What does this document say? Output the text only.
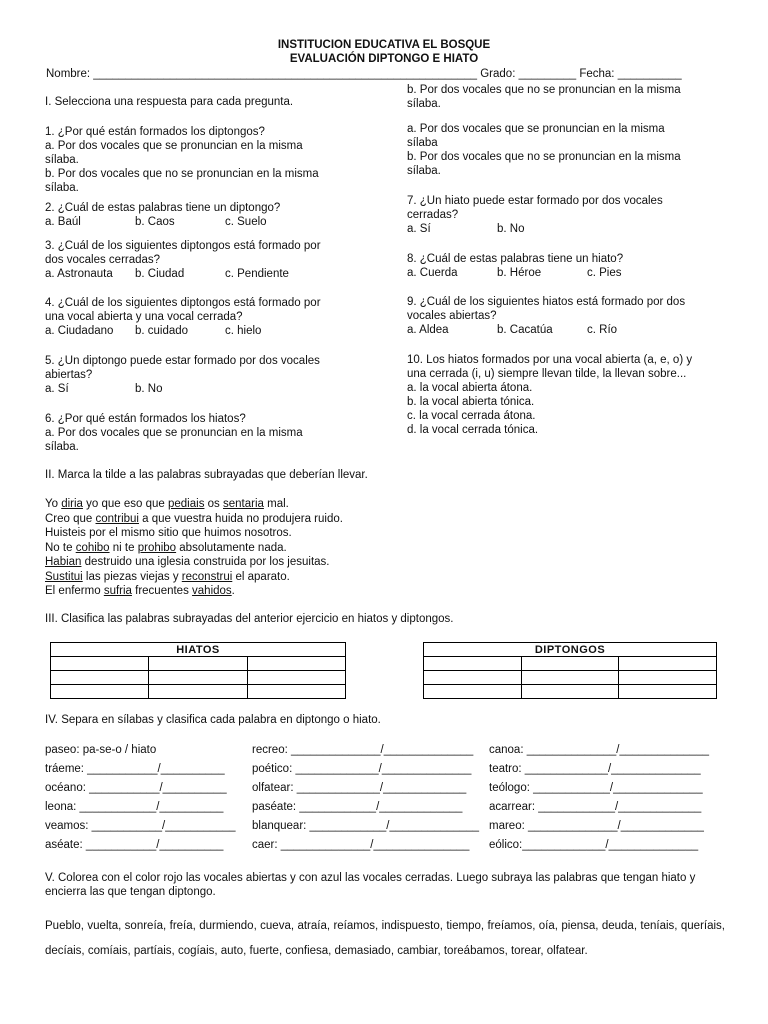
INSTITUCION EDUCATIVA EL BOSQUE
EVALUACIÓN DIPTONGO E HIATO
Nombre: ____________________________________________________________ Grado: _________ Fecha: __________
I. Selecciona una respuesta para cada pregunta.
1. ¿Por qué están formados los diptongos?
a. Por dos vocales que se pronuncian en la misma
sílaba.
b. Por dos vocales que no se pronuncian en la misma
sílaba.
2. ¿Cuál de estas palabras tiene un diptongo?
a. Baúl	b. Caos	c. Suelo
3. ¿Cuál de los siguientes diptongos está formado por
dos vocales cerradas?
a. Astronauta b. Ciudad	c. Pendiente
4. ¿Cuál de los siguientes diptongos está formado por
una vocal abierta y una vocal cerrada?
a. Ciudadano b. cuidado	c. hielo
5. ¿Un diptongo puede estar formado por dos vocales
abiertas?
a. Sí	b. No
6. ¿Por qué están formados los hiatos?
a. Por dos vocales que se pronuncian en la misma
sílaba.
b. Por dos vocales que no se pronuncian en la misma
sílaba.
a. Por dos vocales que se pronuncian en la misma
sílaba
b. Por dos vocales que no se pronuncian en la misma
sílaba.
7. ¿Un hiato puede estar formado por dos vocales
cerradas?
a. Sí	b. No
8. ¿Cuál de estas palabras tiene un hiato?
a. Cuerda	b. Héroe	c. Pies
9. ¿Cuál de los siguientes hiatos está formado por dos
vocales abiertas?
a. Aldea	b. Cacatúa	c. Río
10. Los hiatos formados por una vocal abierta (a, e, o) y
una cerrada (i, u) siempre llevan tilde, la llevan sobre...
a. la vocal abierta átona.
b. la vocal abierta tónica.
c. la vocal cerrada átona.
d. la vocal cerrada tónica.
II. Marca la tilde a las palabras subrayadas que deberían llevar.
Yo diria yo que eso que pediais os sentaria mal.
Creo que contribui a que vuestra huida no produjera ruido.
Huisteis por el mismo sitio que huimos nosotros.
No te cohibo ni te prohibo absolutamente nada.
Habian destruido una iglesia construida por los jesuitas.
Sustitui las piezas viejas y reconstrui el aparato.
El enfermo sufria frecuentes vahidos.
III. Clasifica las palabras subrayadas del anterior ejercicio en hiatos y diptongos.
HIATOS		

			DIPTONGOS		

IV. Separa en sílabas y clasifica cada palabra en diptongo o hiato.
paseo: pa-se-o / hiato	recreo: ______________/______________ canoa: ______________/______________
tráeme: ___________/__________ poético: _____________/______________ teatro: _____________/______________
océano: ___________/__________ olfatear: _____________/_____________ teólogo: ____________/______________
leona: ____________/__________ paséate: ____________/_____________ acarrear: ____________/_____________
veamos: ___________/___________ blanquear: ____________/______________ mareo: ______________/_____________
aséate: ___________/__________ caer: ______________/_______________ eólico:_____________/______________
V. Colorea con el color rojo las vocales abiertas y con azul las vocales cerradas. Luego subraya las palabras que tengan hiato y encierra las que tengan diptongo.
Pueblo, vuelta, sonreía, freía, durmiendo, cueva, atraía, reíamos, indispuesto, tiempo, freíamos, oía, piensa, deuda, teníais, queríais, decíais, comíais, partíais, cogíais, auto, fuerte, confiesa, demasiado, cambiar, toreábamos, torear, olfatear.
